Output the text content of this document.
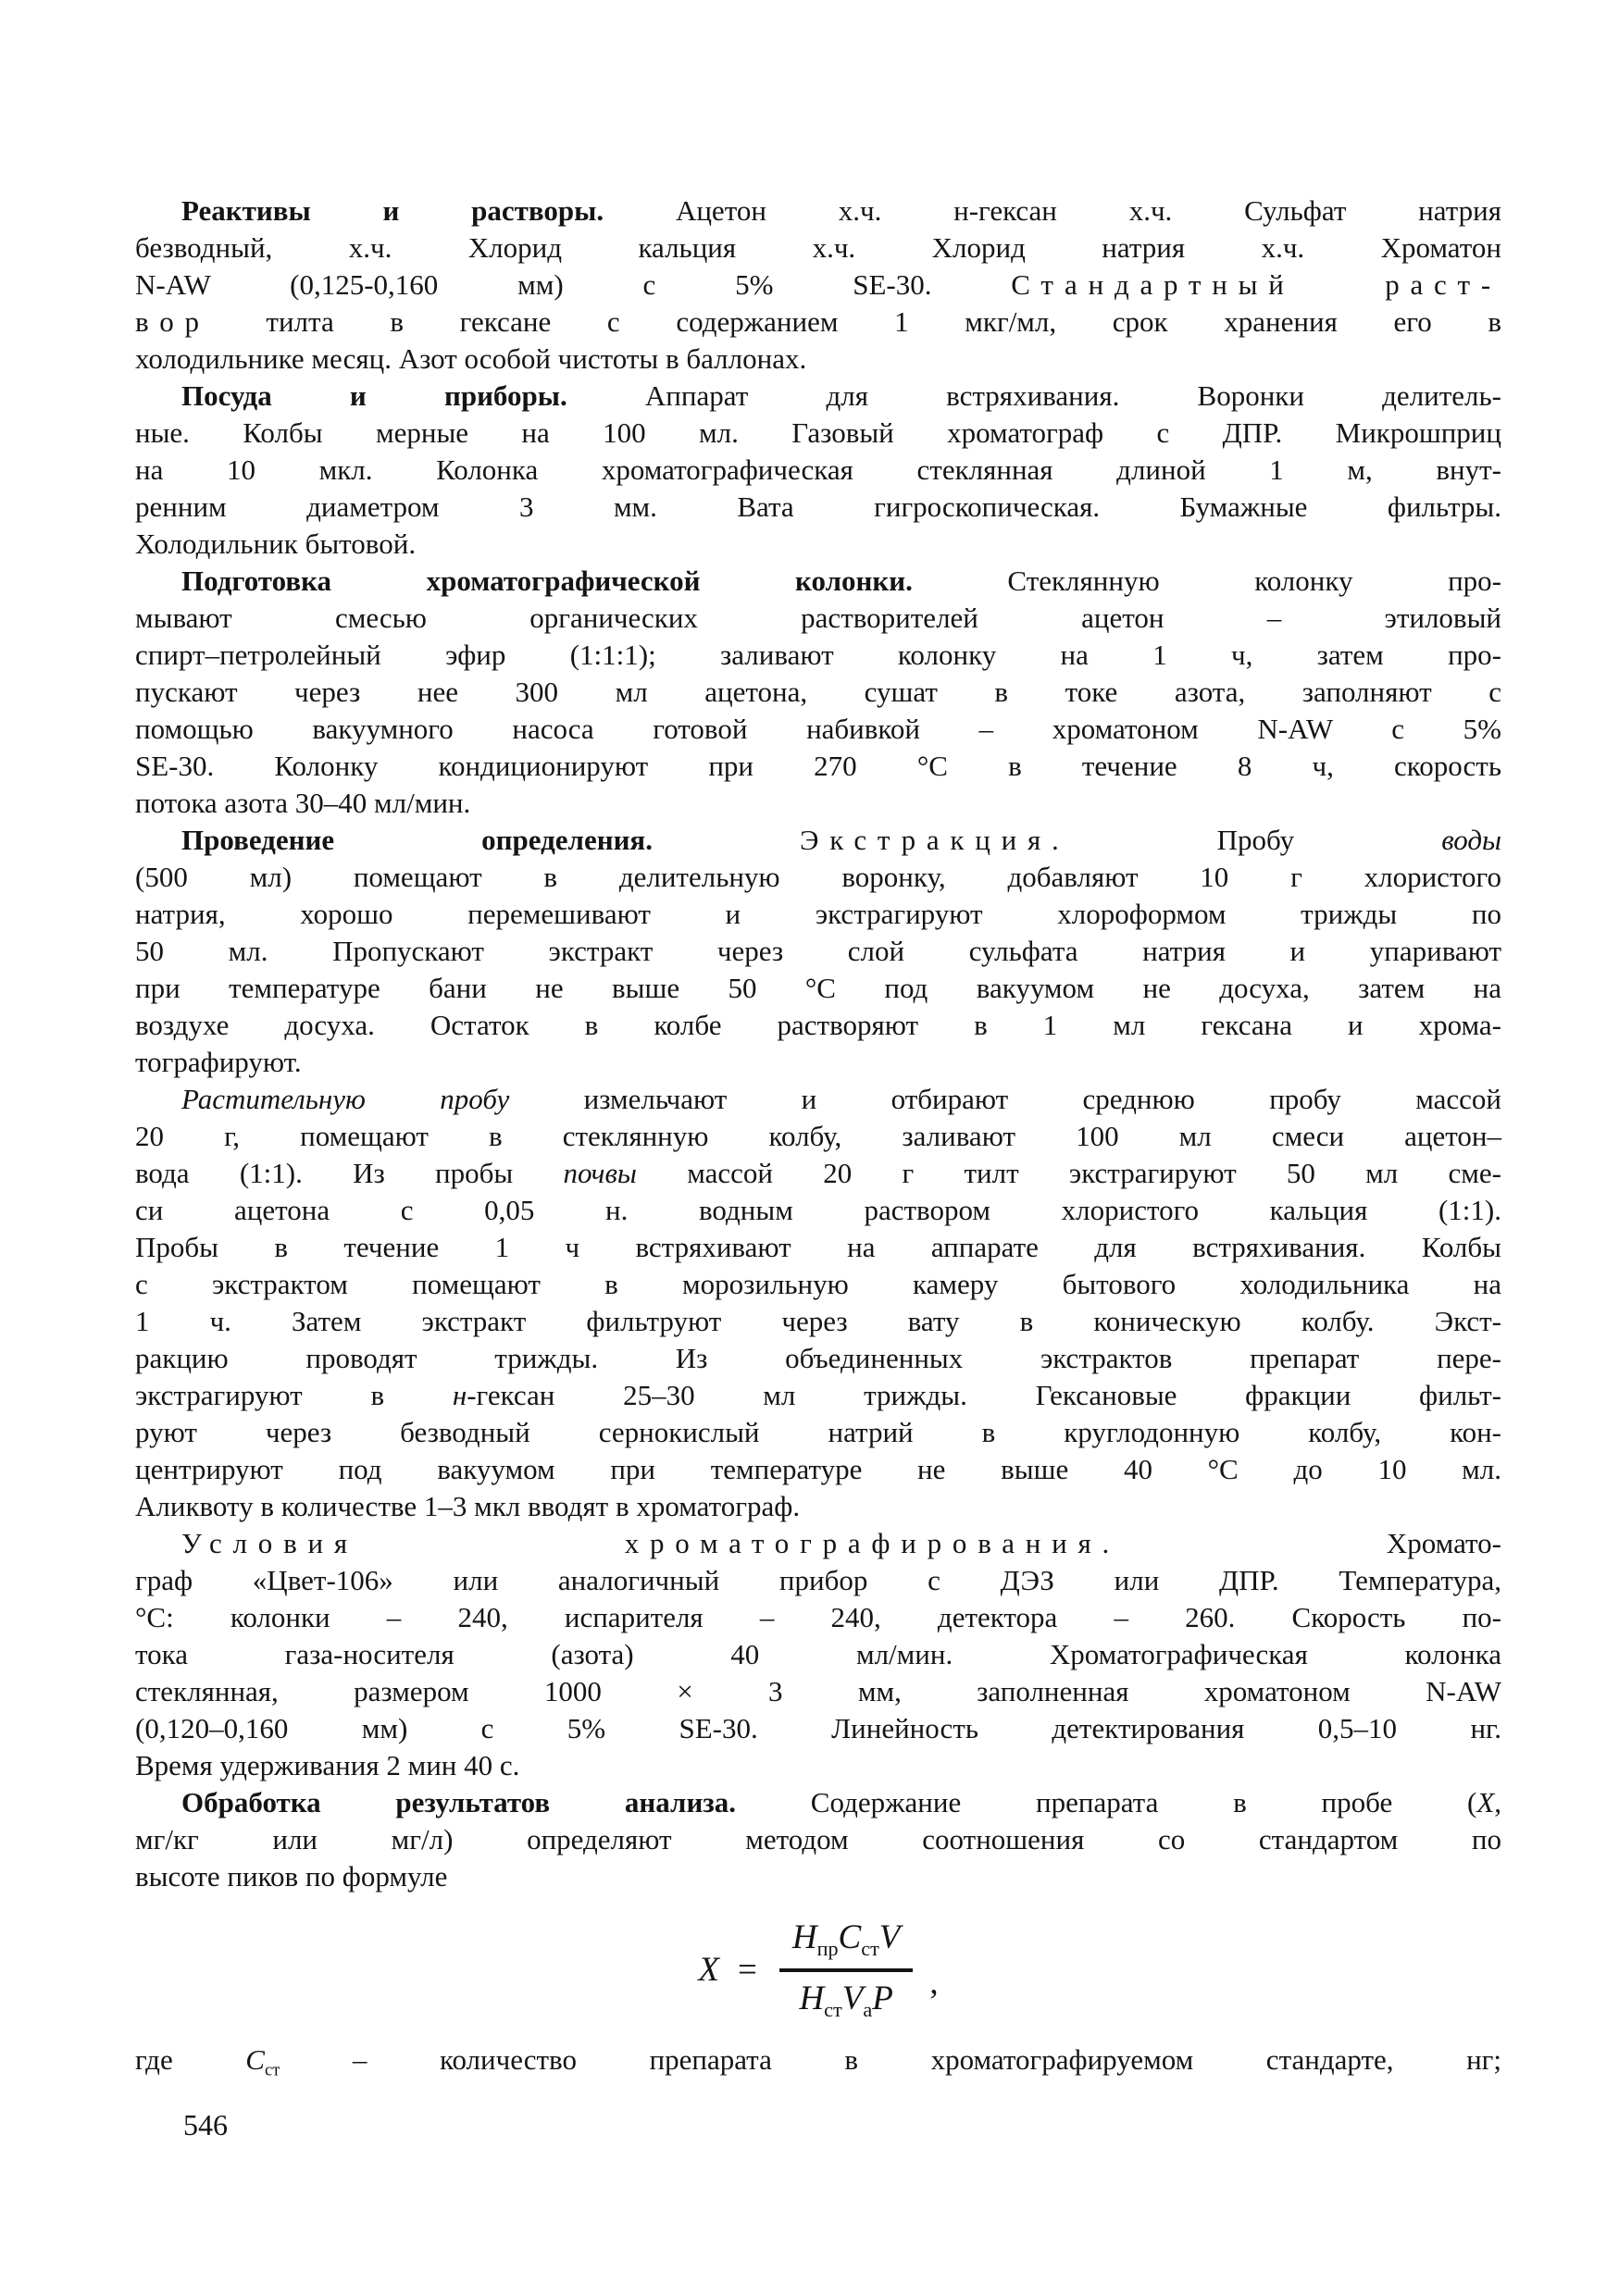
Реактивы и растворы. Ацетон х.ч. н-гексан х.ч. Сульфат натрия
безводный, х.ч. Хлорид кальция х.ч. Хлорид натрия х.ч. Хроматон
N-AW (0,125-0,160 мм) с 5% SE-30. Стандартный раст-
вор тилта в гексане с содержанием 1 мкг/мл, срок хранения его в
холодильнике месяц. Азот особой чистоты в баллонах.
Посуда и приборы. Аппарат для встряхивания. Воронки делитель-
ные. Колбы мерные на 100 мл. Газовый хроматограф с ДПР. Микрошприц
на 10 мкл. Колонка хроматографическая стеклянная длиной 1 м, внут-
ренним диаметром 3 мм. Вата гигроскопическая. Бумажные фильтры.
Холодильник бытовой.
Подготовка хроматографической колонки. Стеклянную колонку про-
мывают смесью органических растворителей ацетон – этиловый
спирт–петролейный эфир (1:1:1); заливают колонку на 1 ч, затем про-
пускают через нее 300 мл ацетона, сушат в токе азота, заполняют с
помощью вакуумного насоса готовой набивкой – хроматоном N-AW с 5%
SE-30. Колонку кондиционируют при 270 °С в течение 8 ч, скорость
потока азота 30–40 мл/мин.
Проведение определения.	Экстракция. Пробу воды
(500 мл) помещают в делительную воронку, добавляют 10 г хлористого
натрия, хорошо перемешивают и экстрагируют хлороформом трижды по
50 мл. Пропускают экстракт через слой сульфата натрия и упаривают
при температуре бани не выше 50 °С под вакуумом не досуха, затем на
воздухе досуха. Остаток в колбе растворяют в 1 мл гексана и хрома-
тографируют.
Растительную пробу измельчают и отбирают среднюю пробу массой
20 г, помещают в стеклянную колбу, заливают 100 мл смеси ацетон–
вода (1:1). Из пробы почвы массой 20 г тилт экстрагируют 50 мл сме-
си ацетона с 0,05 н. водным раствором хлористого кальция (1:1).
Пробы в течение 1 ч встряхивают на аппарате для встряхивания. Колбы
с экстрактом помещают в морозильную камеру бытового холодильника на
1 ч. Затем экстракт фильтруют через вату в коническую колбу. Экст-
ракцию проводят трижды. Из объединенных экстрактов препарат пере-
экстрагируют в н-гексан 25–30 мл трижды. Гексановые фракции фильт-
руют через безводный сернокислый натрий в круглодонную колбу, кон-
центрируют под вакуумом при температуре не выше 40 °С до 10 мл.
Аликвоту в количестве 1–3 мкл вводят в хроматограф.
Условия	хроматографирования. Хромато-
граф «Цвет-106» или аналогичный прибор с ДЭЗ или ДПР. Температура,
°С: колонки – 240, испарителя – 240, детектора – 260. Скорость по-
тока газа-носителя (азота) 40 мл/мин. Хроматографическая колонка
стеклянная, размером 1000 × 3 мм, заполненная хроматоном N-AW
(0,120–0,160 мм) с 5% SE-30. Линейность детектирования 0,5–10 нг.
Время удерживания 2 мин 40 с.
Обработка результатов анализа. Содержание препарата в пробе (X,
мг/кг или мг/л) определяют методом соотношения со стандартом по
высоте пиков по формуле
$X = \frac{H_{пр}C_{ст}V}{H_{ст}V_аP}$ ,
где $C_{ст}$ – количество препарата в хроматографируемом стандарте, нг;
546
